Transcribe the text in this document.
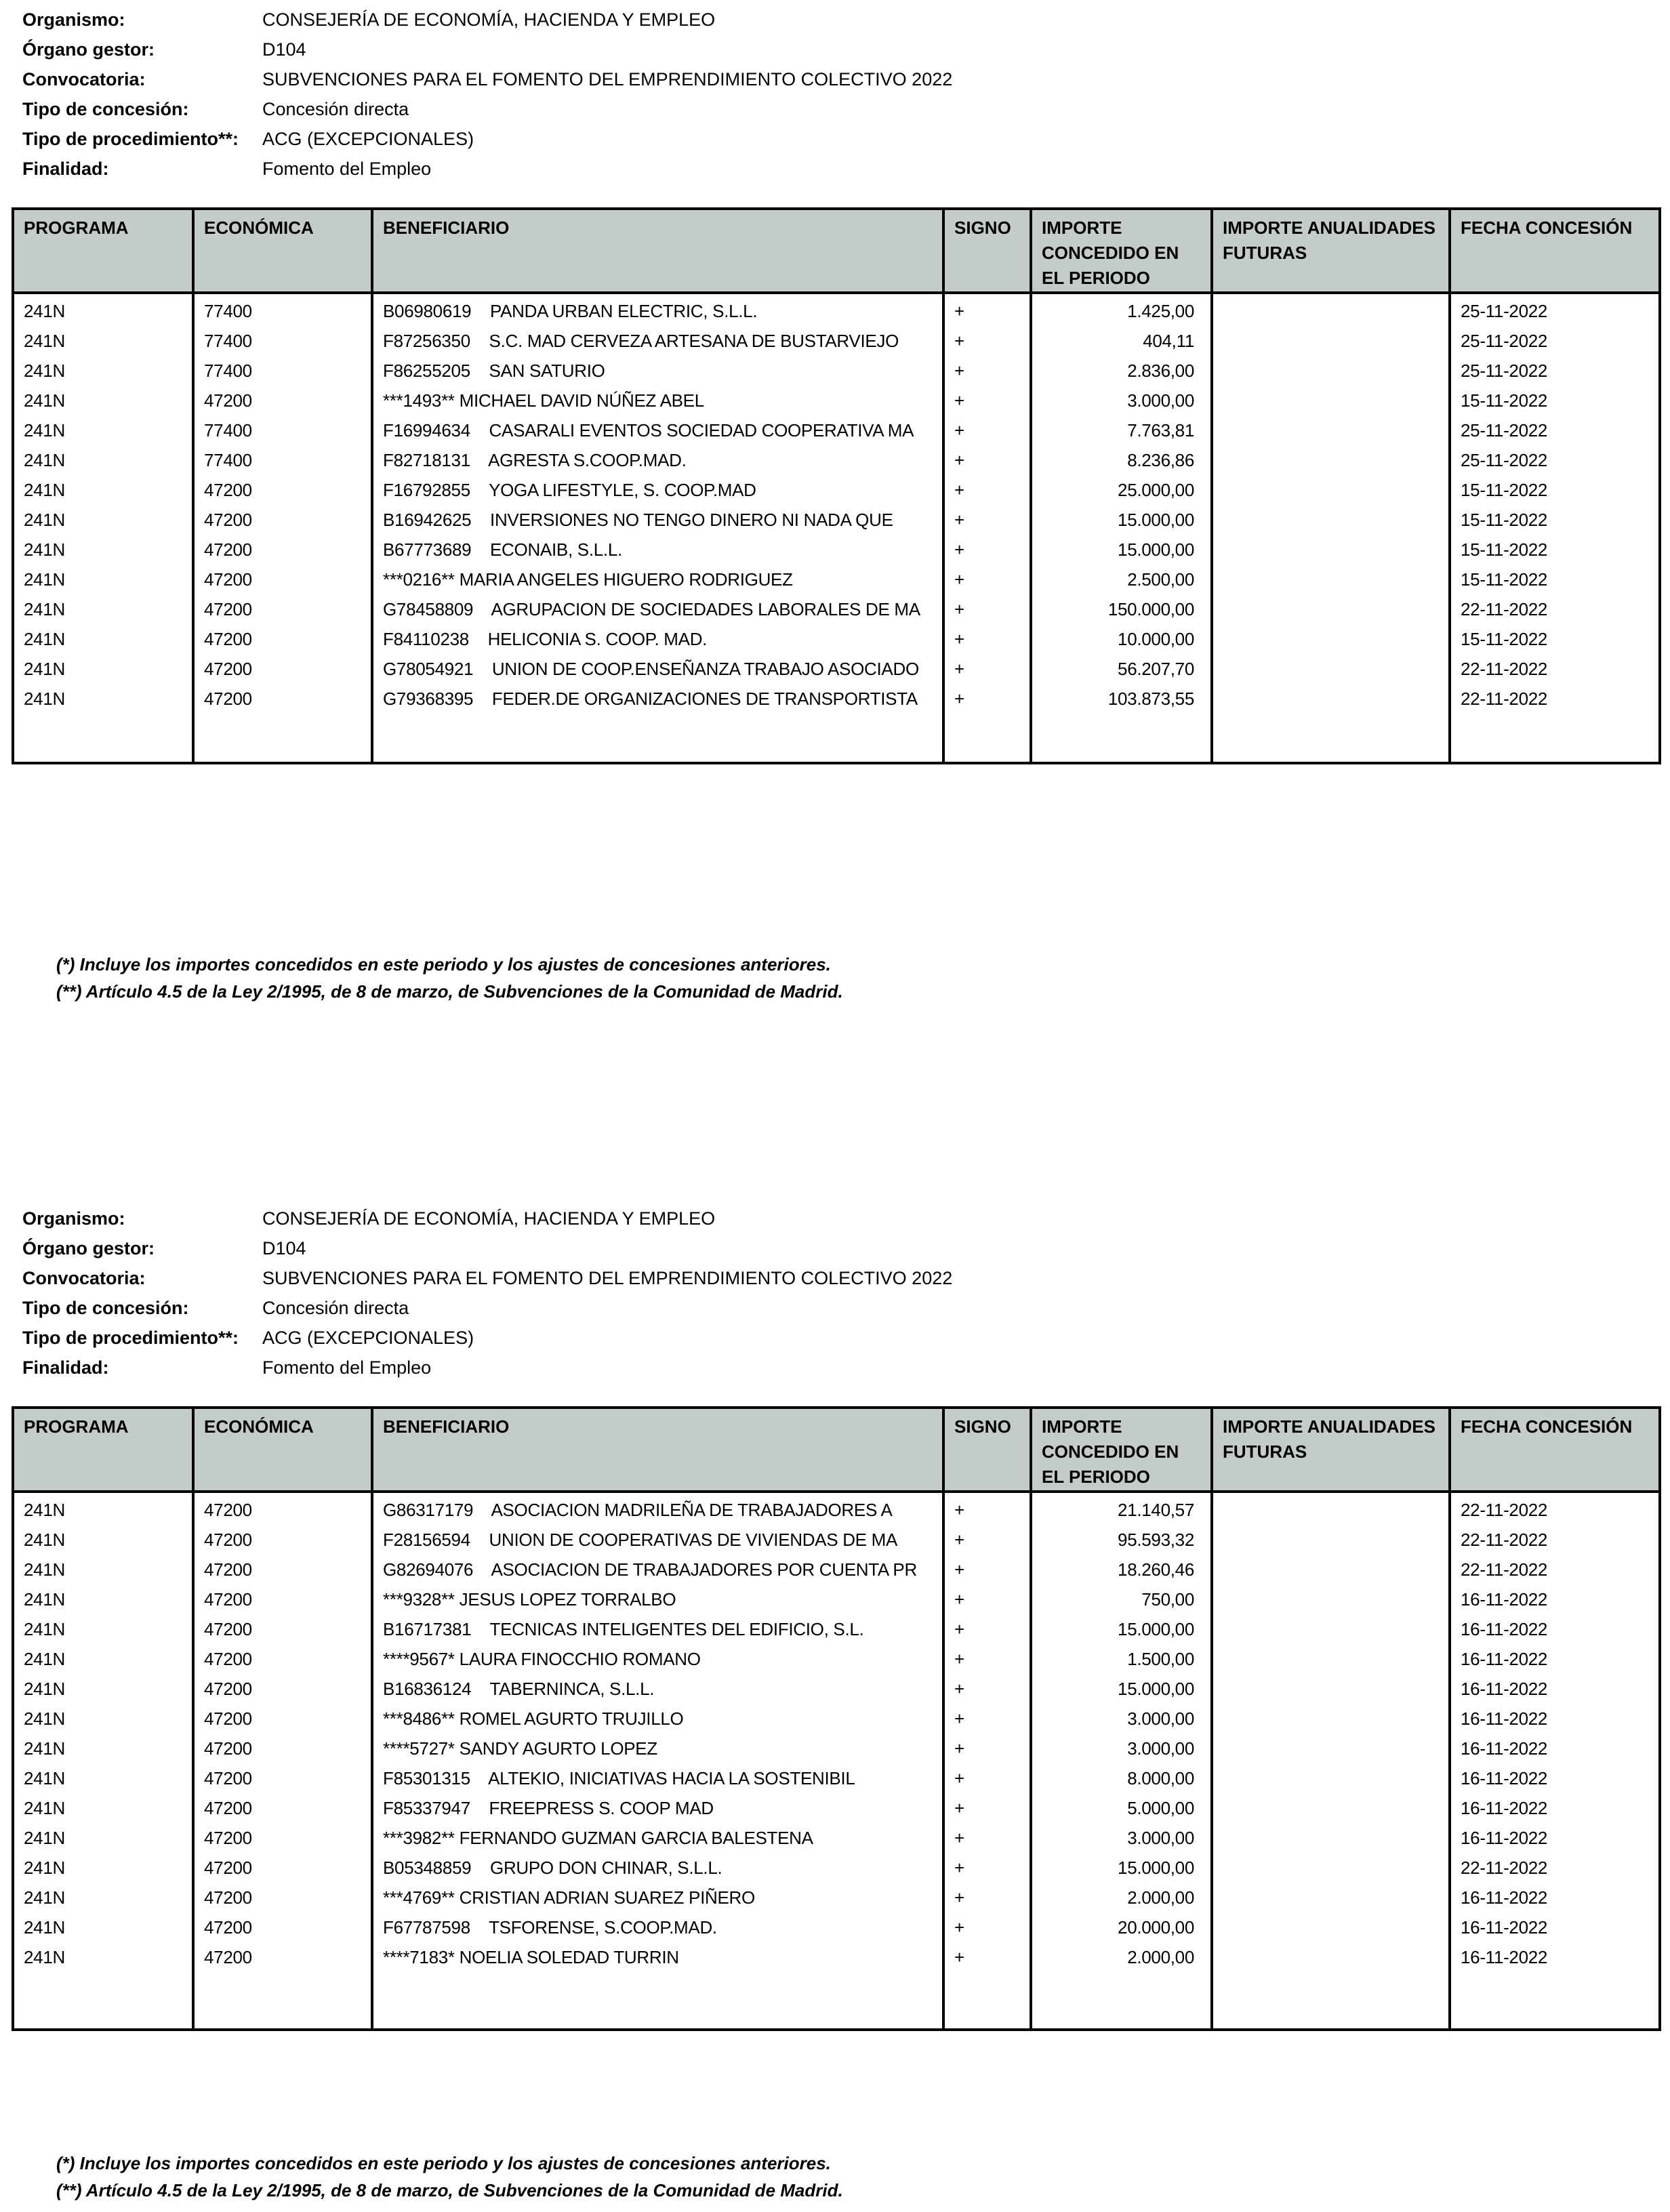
Organismo:	CONSEJERÍA DE ECONOMÍA, HACIENDA Y EMPLEO
Órgano gestor:	D104
Convocatoria:	SUBVENCIONES PARA EL FOMENTO DEL EMPRENDIMIENTO COLECTIVO 2022
Tipo de concesión:	Concesión directa
Tipo de procedimiento**: ACG (EXCEPCIONALES)
Finalidad:	Fomento del Empleo
PROGRAMA	ECONÓMICA	BENEFICIARIO	SIGNO	IMPORTE CONCEDIDO EN EL PERIODO	IMPORTE ANUALIDADES FUTURAS	FECHA CONCESIÓN
241N	77400	B06980619    PANDA URBAN ELECTRIC, S.L.L.	+	1.425,00		25-11-2022
241N	77400	F87256350    S.C. MAD CERVEZA ARTESANA DE BUSTARVIEJO	+	404,11		25-11-2022
241N	77400	F86255205    SAN SATURIO	+	2.836,00		25-11-2022
241N	47200	***1493** MICHAEL DAVID NÚÑEZ ABEL	+	3.000,00		15-11-2022
241N	77400	F16994634    CASARALI EVENTOS SOCIEDAD COOPERATIVA MA	+	7.763,81		25-11-2022
241N	77400	F82718131    AGRESTA S.COOP.MAD.	+	8.236,86		25-11-2022
241N	47200	F16792855    YOGA LIFESTYLE, S. COOP.MAD	+	25.000,00		15-11-2022
241N	47200	B16942625    INVERSIONES NO TENGO DINERO NI NADA QUE	+	15.000,00		15-11-2022
241N	47200	B67773689    ECONAIB, S.L.L.	+	15.000,00		15-11-2022
241N	47200	***0216** MARIA ANGELES HIGUERO RODRIGUEZ	+	2.500,00		15-11-2022
241N	47200	G78458809    AGRUPACION DE SOCIEDADES LABORALES DE MA	+	150.000,00		22-11-2022
241N	47200	F84110238    HELICONIA S. COOP. MAD.	+	10.000,00		15-11-2022
241N	47200	G78054921    UNION DE COOP.ENSEÑANZA TRABAJO ASOCIADO	+	56.207,70		22-11-2022
241N	47200	G79368395    FEDER.DE ORGANIZACIONES DE TRANSPORTISTA	+	103.873,55		22-11-2022

(*) Incluye los importes concedidos en este periodo y los ajustes de concesiones anteriores.
(**) Artículo 4.5 de la Ley 2/1995, de 8 de marzo, de Subvenciones de la Comunidad de Madrid.
Organismo:	CONSEJERÍA DE ECONOMÍA, HACIENDA Y EMPLEO
Órgano gestor:	D104
Convocatoria:	SUBVENCIONES PARA EL FOMENTO DEL EMPRENDIMIENTO COLECTIVO 2022
Tipo de concesión:	Concesión directa
Tipo de procedimiento**: ACG (EXCEPCIONALES)
Finalidad:	Fomento del Empleo
PROGRAMA	ECONÓMICA	BENEFICIARIO	SIGNO	IMPORTE CONCEDIDO EN EL PERIODO	IMPORTE ANUALIDADES FUTURAS	FECHA CONCESIÓN
241N	47200	G86317179    ASOCIACION MADRILEÑA DE TRABAJADORES A	+	21.140,57		22-11-2022
241N	47200	F28156594    UNION DE COOPERATIVAS DE VIVIENDAS DE MA	+	95.593,32		22-11-2022
241N	47200	G82694076    ASOCIACION DE TRABAJADORES POR CUENTA PR	+	18.260,46		22-11-2022
241N	47200	***9328** JESUS LOPEZ TORRALBO	+	750,00		16-11-2022
241N	47200	B16717381    TECNICAS INTELIGENTES DEL EDIFICIO, S.L.	+	15.000,00		16-11-2022
241N	47200	****9567* LAURA FINOCCHIO ROMANO	+	1.500,00		16-11-2022
241N	47200	B16836124    TABERNINCA, S.L.L.	+	15.000,00		16-11-2022
241N	47200	***8486** ROMEL AGURTO TRUJILLO	+	3.000,00		16-11-2022
241N	47200	****5727* SANDY AGURTO LOPEZ	+	3.000,00		16-11-2022
241N	47200	F85301315    ALTEKIO, INICIATIVAS HACIA LA SOSTENIBIL	+	8.000,00		16-11-2022
241N	47200	F85337947    FREEPRESS S. COOP MAD	+	5.000,00		16-11-2022
241N	47200	***3982** FERNANDO GUZMAN GARCIA BALESTENA	+	3.000,00		16-11-2022
241N	47200	B05348859    GRUPO DON CHINAR, S.L.L.	+	15.000,00		22-11-2022
241N	47200	***4769** CRISTIAN ADRIAN SUAREZ PIÑERO	+	2.000,00		16-11-2022
241N	47200	F67787598    TSFORENSE, S.COOP.MAD.	+	20.000,00		16-11-2022
241N	47200	****7183* NOELIA SOLEDAD TURRIN	+	2.000,00		16-11-2022

(*) Incluye los importes concedidos en este periodo y los ajustes de concesiones anteriores.
(**) Artículo 4.5 de la Ley 2/1995, de 8 de marzo, de Subvenciones de la Comunidad de Madrid.
